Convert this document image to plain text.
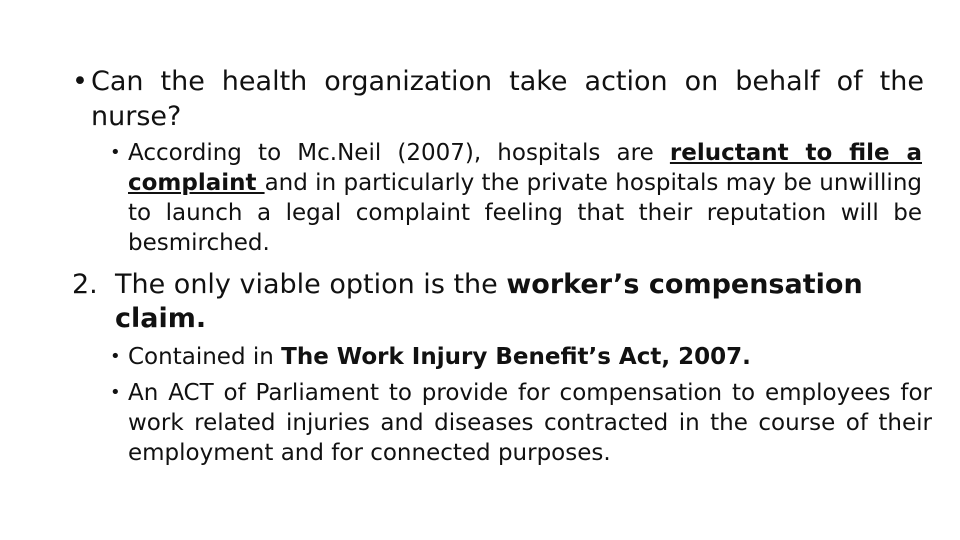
• Can the health organization take action on behalf of the nurse?
• According to Mc.Neil (2007), hospitals are reluctant to file a complaint and in particularly the private hospitals may be unwilling to launch a legal complaint feeling that their reputation will be besmirched.
2. The only viable option is the worker’s compensation claim.
• Contained in The Work Injury Benefit’s Act, 2007.
• An ACT of Parliament to provide for compensation to employees for work related injuries and diseases contracted in the course of their employment and for connected purposes.
